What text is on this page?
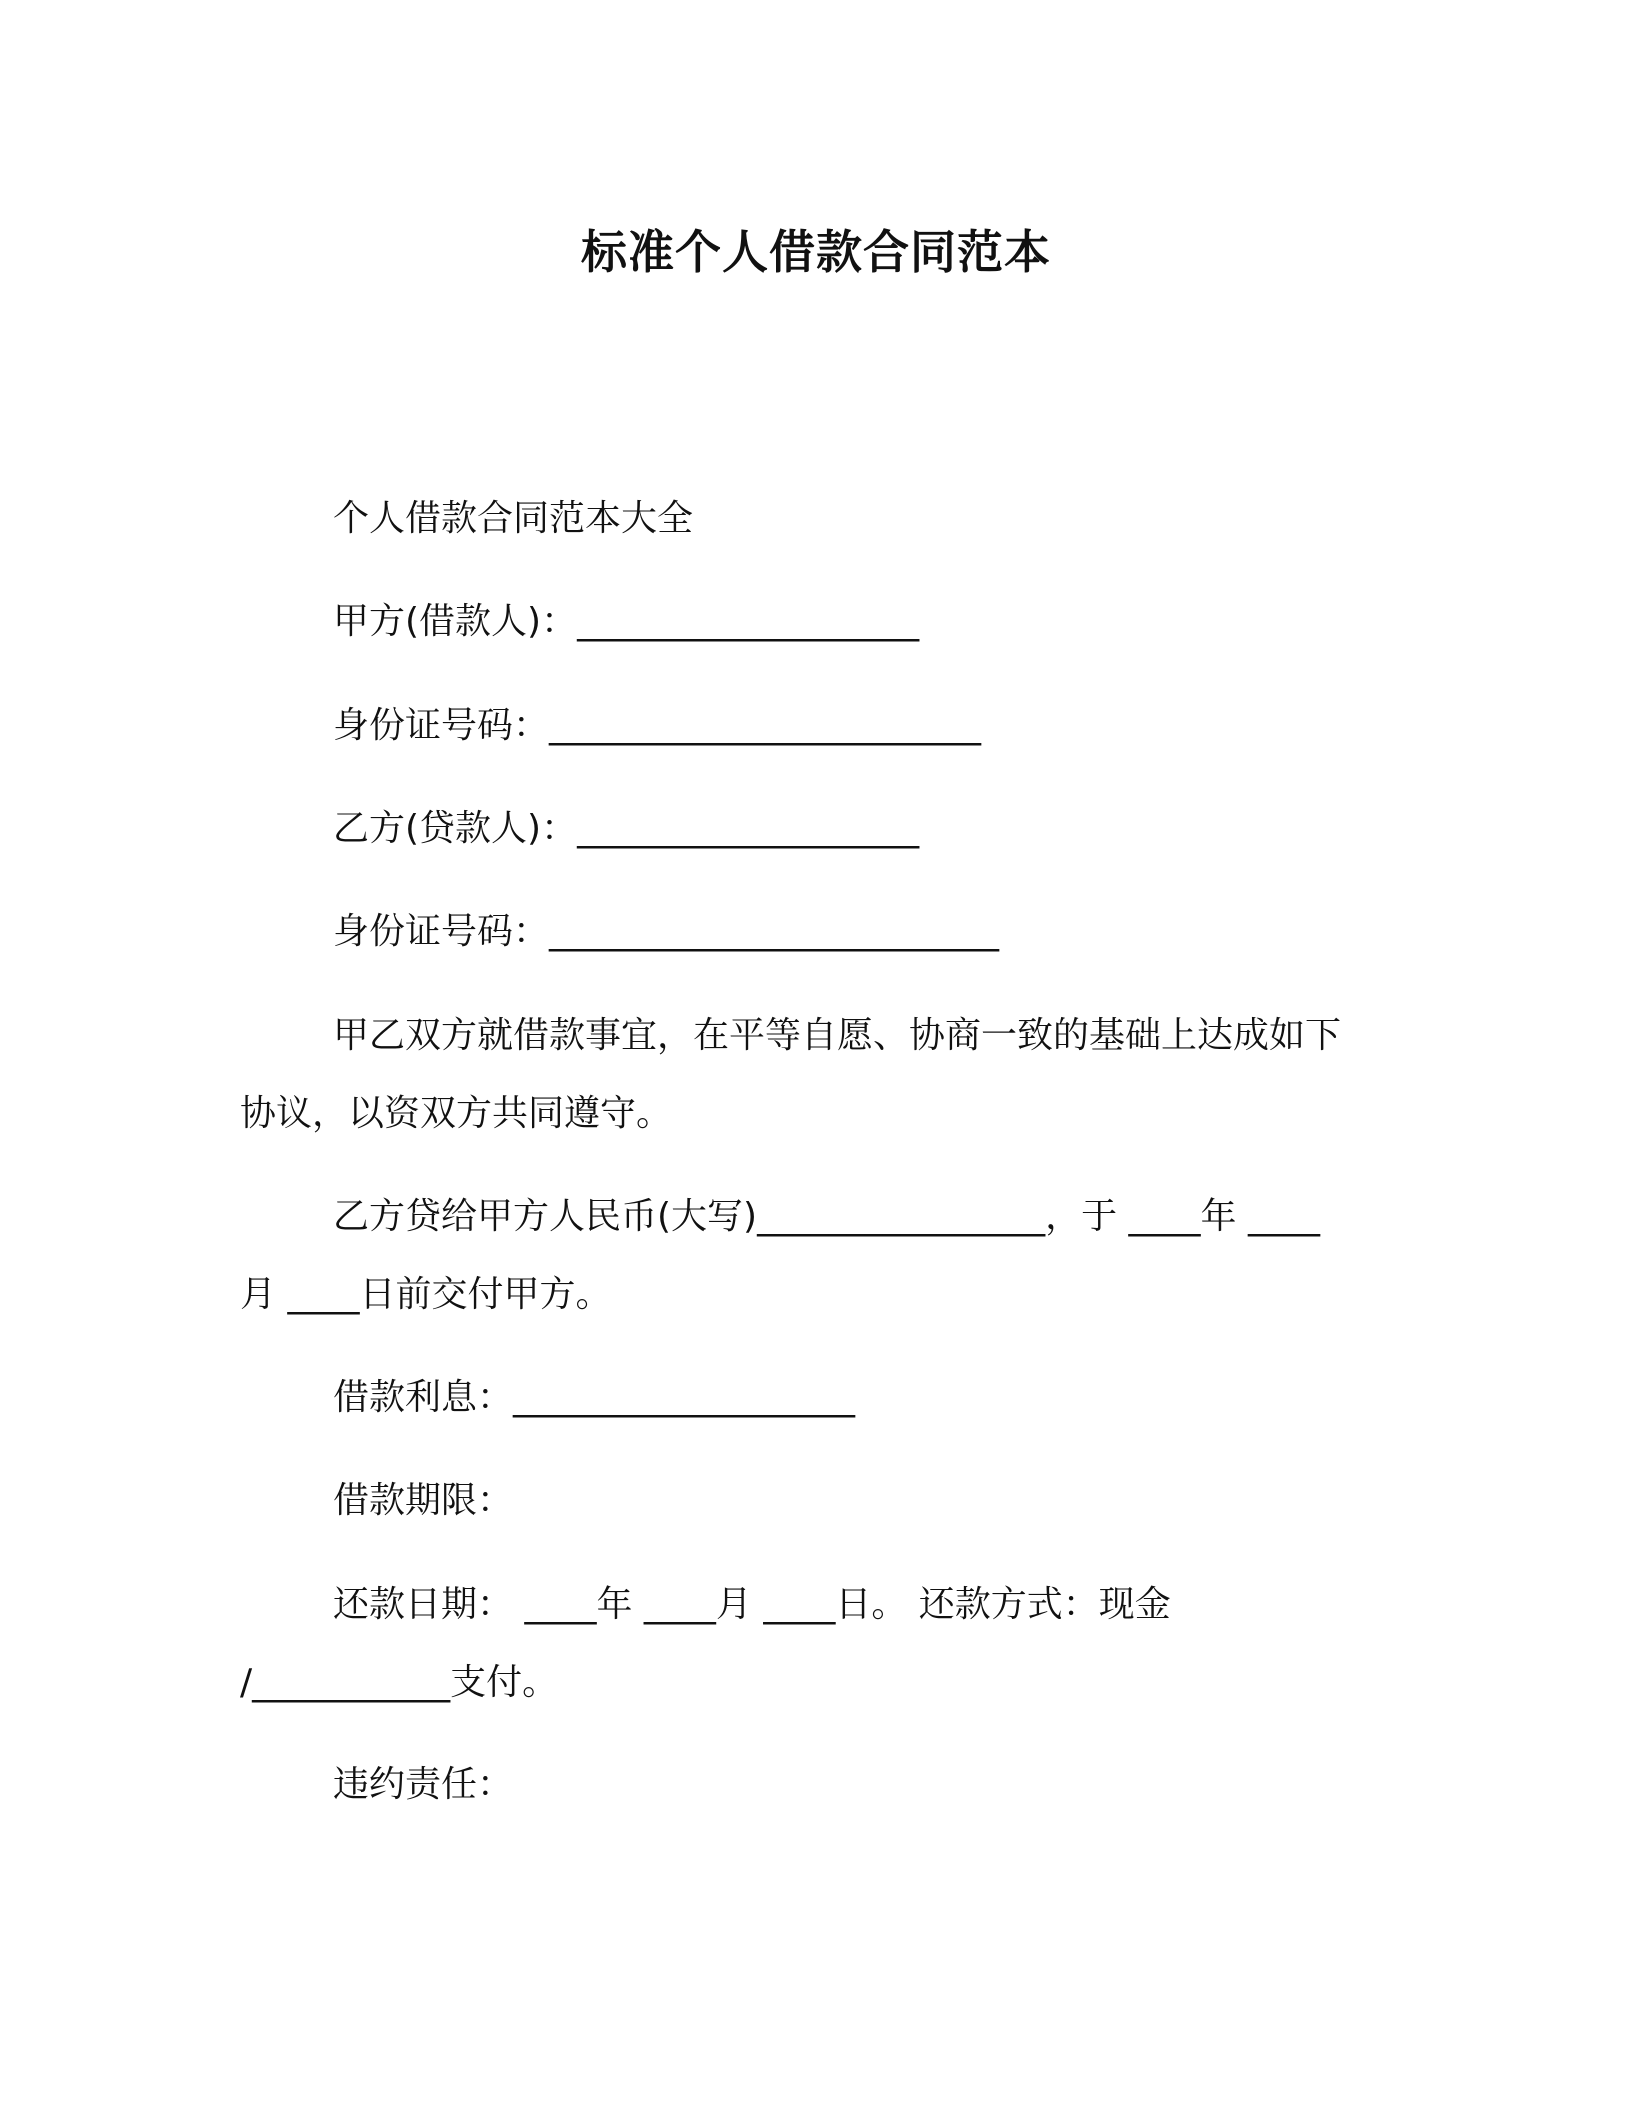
标准个人借款合同范本
个人借款合同范本大全
甲方(借款人)：___________________
身份证号码：________________________
乙方(贷款人)：___________________
身份证号码：_________________________
甲乙双方就借款事宜，在平等自愿、协商一致的基础上达成如下
协议，以资双方共同遵守。
乙方贷给甲方人民币(大写)________________，于 ____年 ____
月 ____日前交付甲方。
借款利息：___________________
借款期限：
还款日期： ____年 ____月 ____日。 还款方式：现金
/___________支付。
违约责任：
